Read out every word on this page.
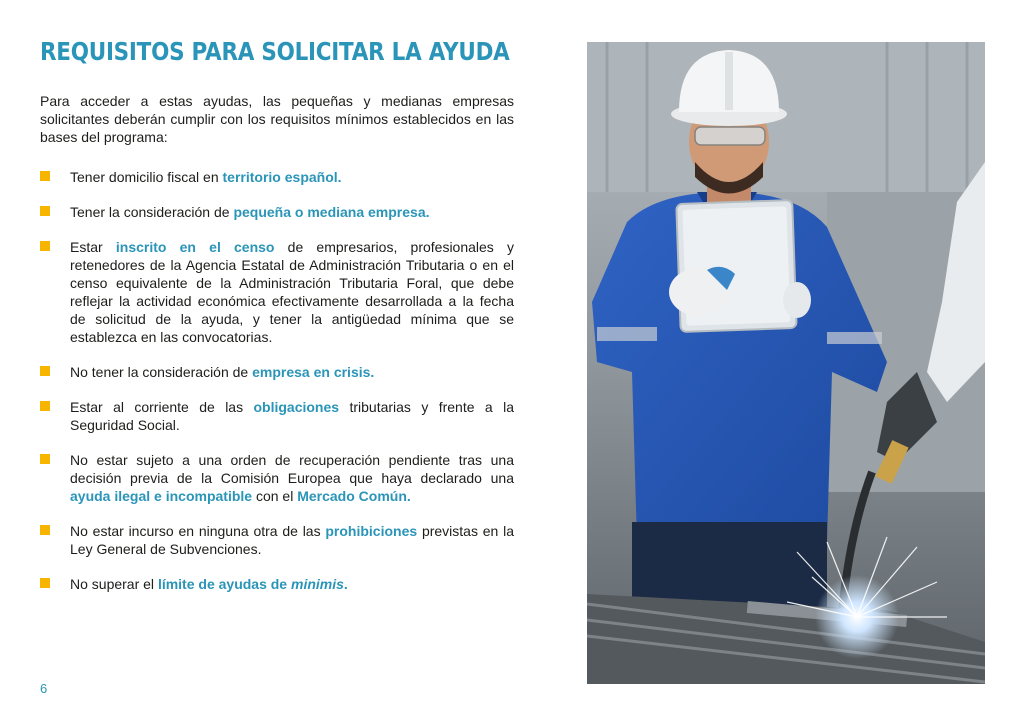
REQUISITOS PARA SOLICITAR LA AYUDA

Para acceder a estas ayudas, las pequeñas y medianas empresas solicitantes deberán cumplir con los requisitos mínimos establecidos en las bases del programa:

Tener domicilio fiscal en territorio español.
Tener la consideración de pequeña o mediana empresa.
Estar inscrito en el censo de empresarios, profesionales y retenedores de la Agencia Estatal de Administración Tributaria o en el censo equivalente de la Administración Tributaria Foral, que debe reflejar la actividad económica efectivamente desarrollada a la fecha de solicitud de la ayuda, y tener la antigüedad mínima que se establezca en las convocatorias.
No tener la consideración de empresa en crisis.
Estar al corriente de las obligaciones tributarias y frente a la Seguridad Social.
No estar sujeto a una orden de recuperación pendiente tras una decisión previa de la Comisión Europea que haya declarado una ayuda ilegal e incompatible con el Mercado Común.
No estar incurso en ninguna otra de las prohibiciones previstas en la Ley General de Subvenciones.
No superar el límite de ayudas de minimis.
6
